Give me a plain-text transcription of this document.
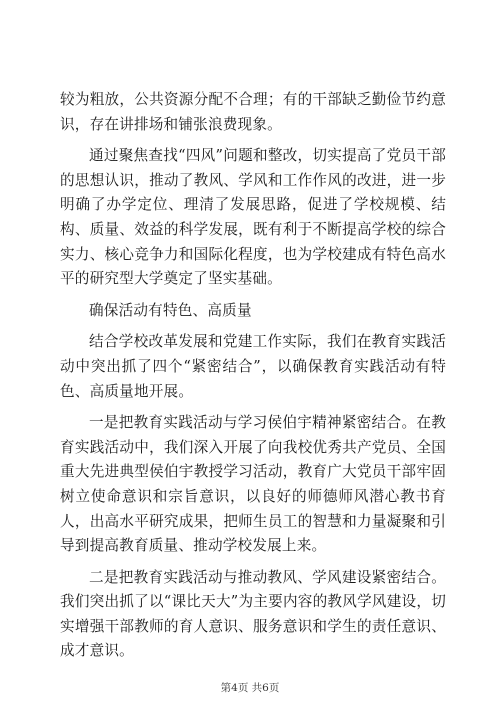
较为粗放，公共资源分配不合理；有的干部缺乏勤俭节约意识，存在讲排场和铺张浪费现象。

通过聚焦查找“四风”问题和整改，切实提高了党员干部的思想认识，推动了教风、学风和工作作风的改进，进一步明确了办学定位、理清了发展思路，促进了学校规模、结构、质量、效益的科学发展，既有利于不断提高学校的综合实力、核心竞争力和国际化程度，也为学校建成有特色高水平的研究型大学奠定了坚实基础。

确保活动有特色、高质量

结合学校改革发展和党建工作实际，我们在教育实践活动中突出抓了四个“紧密结合”，以确保教育实践活动有特色、高质量地开展。

一是把教育实践活动与学习侯伯宇精神紧密结合。在教育实践活动中，我们深入开展了向我校优秀共产党员、全国重大先进典型侯伯宇教授学习活动，教育广大党员干部牢固树立使命意识和宗旨意识，以良好的师德师风潜心教书育人，出高水平研究成果，把师生员工的智慧和力量凝聚和引导到提高教育质量、推动学校发展上来。

二是把教育实践活动与推动教风、学风建设紧密结合。我们突出抓了以“课比天大”为主要内容的教风学风建设，切实增强干部教师的育人意识、服务意识和学生的责任意识、成才意识。

第4页 共6页
